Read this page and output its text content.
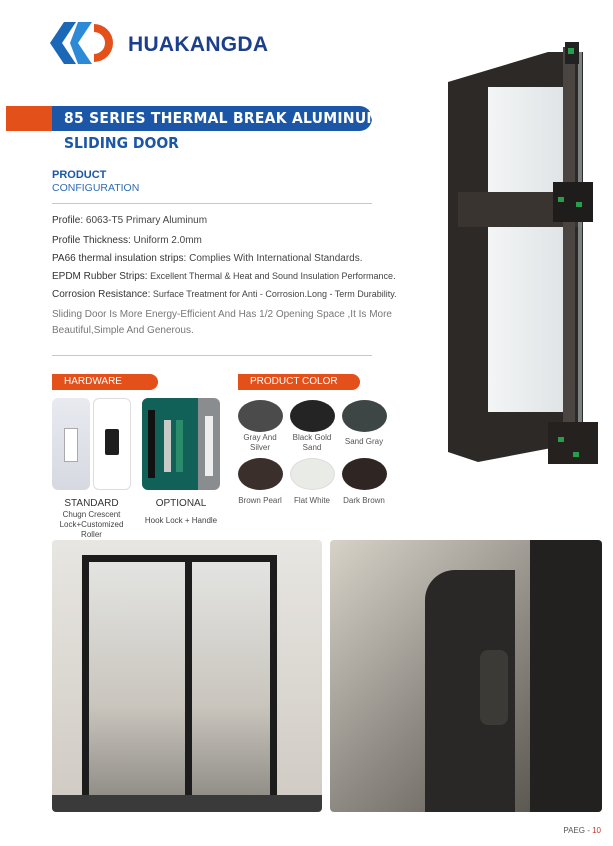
HUAKANGDA
85 SERIES THERMAL BREAK ALUMINUM
SLIDING DOOR
PRODUCT
CONFIGURATION
Profile: 6063-T5 Primary Aluminum
Profile Thickness: Uniform 2.0mm
PA66 thermal insulation strips: Complies With International Standards.
EPDM Rubber Strips: Excellent Thermal & Heat and Sound Insulation Performance.
Corrosion Resistance: Surface Treatment for Anti - Corrosion.Long - Term Durability.
Sliding Door Is More Energy-Efficient And Has 1/2 Opening Space ,It Is More Beautiful,Simple And Generous.
HARDWARE
STANDARD
Chugn Crescent Lock+Customized Roller
OPTIONAL
Hook Lock + Handle
PRODUCT COLOR
Gray And Silver
Black Gold Sand
Sand Gray
Brown Pearl	Flat White	Dark Brown
PAEG - 10
